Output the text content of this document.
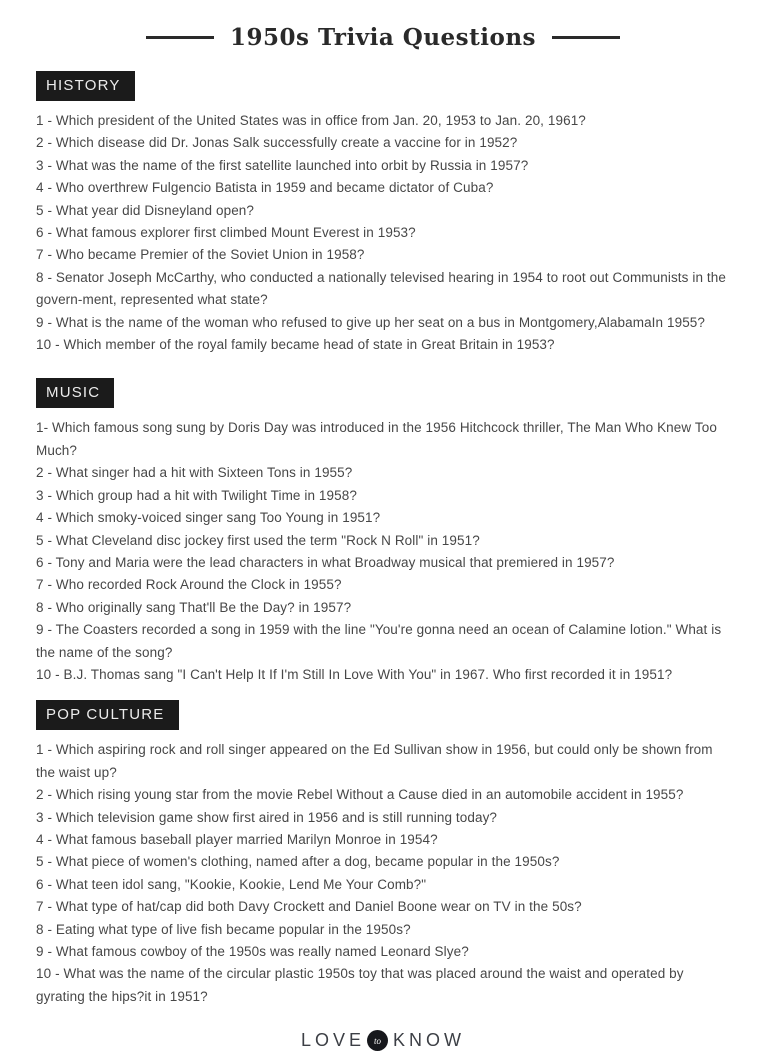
1950s Trivia Questions
HISTORY

1 - Which president of the United States was in office from Jan. 20, 1953 to Jan. 20, 1961?

2 - Which disease did Dr. Jonas Salk successfully create a vaccine for in 1952?

3 - What was the name of the first satellite launched into orbit by Russia in 1957?

4 - Who overthrew Fulgencio Batista in 1959 and became dictator of Cuba?

5 - What year did Disneyland open?

6 - What famous explorer first climbed Mount Everest in 1953?

7 - Who became Premier of the Soviet Union in 1958?

8 - Senator Joseph McCarthy, who conducted a nationally televised hearing in 1954 to root out Communists in the govern-ment, represented what state?

9 - What is the name of the woman who refused to give up her seat on a bus in Montgomery,AlabamaIn 1955?

10 - Which member of the royal family became head of state in Great Britain in 1953?

MUSIC

1- Which famous song sung by Doris Day was introduced in the 1956 Hitchcock thriller, The Man Who Knew Too Much?

2 - What singer had a hit with Sixteen Tons in 1955?

3 - Which group had a hit with Twilight Time in 1958?

4 - Which smoky-voiced singer sang Too Young in 1951?

5 - What Cleveland disc jockey first used the term "Rock N Roll" in 1951?

6 - Tony and Maria were the lead characters in what Broadway musical that premiered in 1957?

7 - Who recorded Rock Around the Clock in 1955?

8 - Who originally sang That'll Be the Day? in 1957?

9 - The Coasters recorded a song in 1959 with the line "You're gonna need an ocean of Calamine lotion." What is the name of the song?

10 - B.J. Thomas sang "I Can't Help It If I'm Still In Love With You" in 1967. Who first recorded it in 1951?

POP CULTURE

1 - Which aspiring rock and roll singer appeared on the Ed Sullivan show in 1956, but could only be shown from the waist up?

2 - Which rising young star from the movie Rebel Without a Cause died in an automobile accident in 1955?

3 - Which television game show first aired in 1956 and is still running today?

4 - What famous baseball player married Marilyn Monroe in 1954?

5 - What piece of women's clothing, named after a dog, became popular in the 1950s?

6 - What teen idol sang, "Kookie, Kookie, Lend Me Your Comb?"

7 - What type of hat/cap did both Davy Crockett and Daniel Boone wear on TV in the 50s?

8 - Eating what type of live fish became popular in the 1950s?

9 - What famous cowboy of the 1950s was really named Leonard Slye?

10 - What was the name of the circular plastic 1950s toy that was placed around the waist and operated by gyrating the hips?it in 1951?

LOVE to KNOW
